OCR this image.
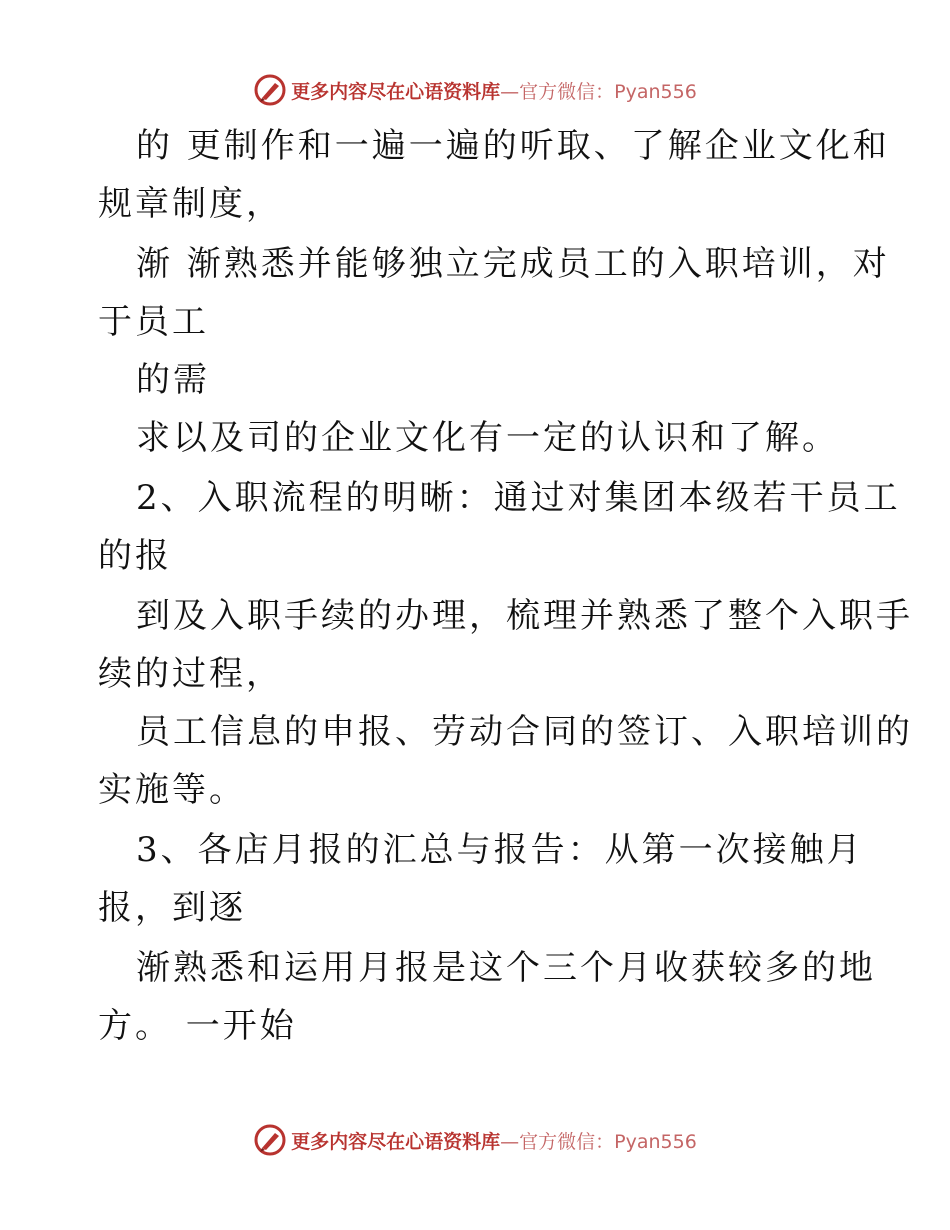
更多内容尽在心语资料库—官方微信：Pyan556
的 更制作和一遍一遍的听取、了解企业文化和
规章制度，
渐 渐熟悉并能够独立完成员工的入职培训，对
于员工
的需
求以及司的企业文化有一定的认识和了解。
2、入职流程的明晰：通过对集团本级若干员工
的报
到及入职手续的办理，梳理并熟悉了整个入职手
续的过程，
员工信息的申报、劳动合同的签订、入职培训的
实施等。
3、各店月报的汇总与报告：从第一次接触月
报，到逐
渐熟悉和运用月报是这个三个月收获较多的地
方。 一开始
更多内容尽在心语资料库—官方微信：Pyan556
